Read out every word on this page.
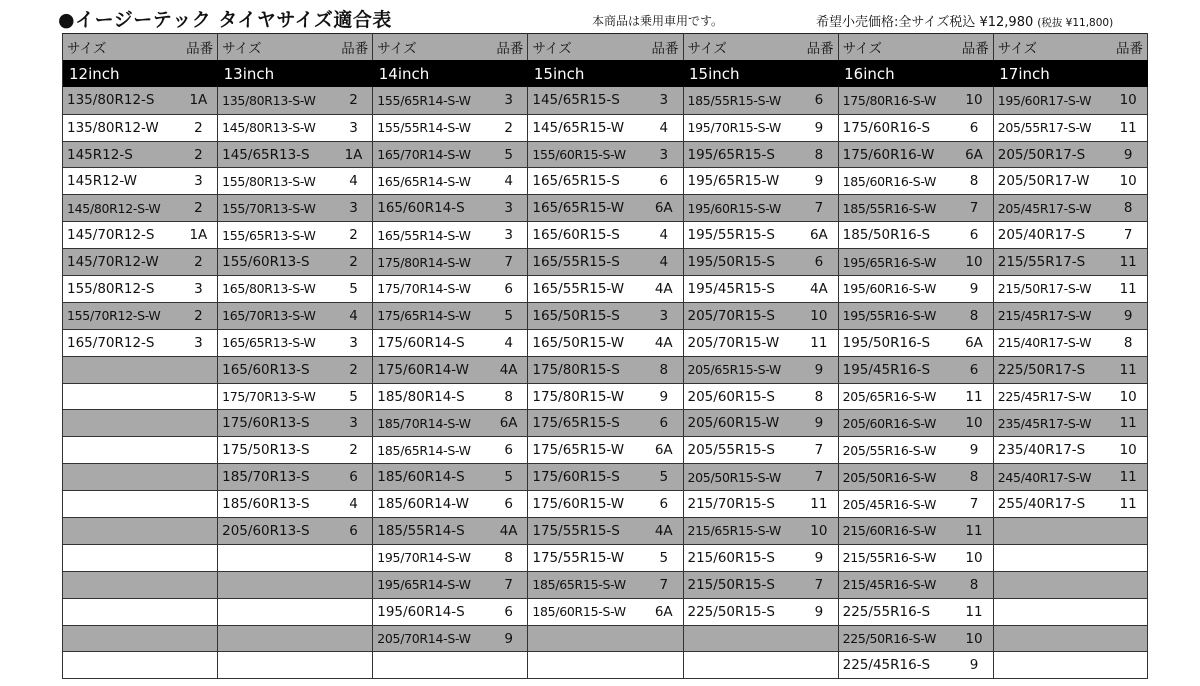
●イージーテック タイヤサイズ適合表	本商品は乗用車用です。	希望小売価格:全サイズ税込 ¥12,980 (税抜 ¥11,800)
サイズ	品番	サイズ	品番	サイズ	品番	サイズ	品番	サイズ	品番	サイズ	品番	サイズ	品番
12inch		13inch		14inch		15inch		15inch		16inch		17inch	
135/80R12-S	1A	135/80R13-S-W	2	155/65R14-S-W	3	145/65R15-S	3	185/55R15-S-W	6	175/80R16-S-W	10	195/60R17-S-W	10
135/80R12-W	2	145/80R13-S-W	3	155/55R14-S-W	2	145/65R15-W	4	195/70R15-S-W	9	175/60R16-S	6	205/55R17-S-W	11
145R12-S	2	145/65R13-S	1A	165/70R14-S-W	5	155/60R15-S-W	3	195/65R15-S	8	175/60R16-W	6A	205/50R17-S	9
145R12-W	3	155/80R13-S-W	4	165/65R14-S-W	4	165/65R15-S	6	195/65R15-W	9	185/60R16-S-W	8	205/50R17-W	10
145/80R12-S-W	2	155/70R13-S-W	3	165/60R14-S	3	165/65R15-W	6A	195/60R15-S-W	7	185/55R16-S-W	7	205/45R17-S-W	8
145/70R12-S	1A	155/65R13-S-W	2	165/55R14-S-W	3	165/60R15-S	4	195/55R15-S	6A	185/50R16-S	6	205/40R17-S	7
145/70R12-W	2	155/60R13-S	2	175/80R14-S-W	7	165/55R15-S	4	195/50R15-S	6	195/65R16-S-W	10	215/55R17-S	11
155/80R12-S	3	165/80R13-S-W	5	175/70R14-S-W	6	165/55R15-W	4A	195/45R15-S	4A	195/60R16-S-W	9	215/50R17-S-W	11
155/70R12-S-W	2	165/70R13-S-W	4	175/65R14-S-W	5	165/50R15-S	3	205/70R15-S	10	195/55R16-S-W	8	215/45R17-S-W	9
165/70R12-S	3	165/65R13-S-W	3	175/60R14-S	4	165/50R15-W	4A	205/70R15-W	11	195/50R16-S	6A	215/40R17-S-W	8
		165/60R13-S	2	175/60R14-W	4A	175/80R15-S	8	205/65R15-S-W	9	195/45R16-S	6	225/50R17-S	11
		175/70R13-S-W	5	185/80R14-S	8	175/80R15-W	9	205/60R15-S	8	205/65R16-S-W	11	225/45R17-S-W	10
		175/60R13-S	3	185/70R14-S-W	6A	175/65R15-S	6	205/60R15-W	9	205/60R16-S-W	10	235/45R17-S-W	11
		175/50R13-S	2	185/65R14-S-W	6	175/65R15-W	6A	205/55R15-S	7	205/55R16-S-W	9	235/40R17-S	10
		185/70R13-S	6	185/60R14-S	5	175/60R15-S	5	205/50R15-S-W	7	205/50R16-S-W	8	245/40R17-S-W	11
		185/60R13-S	4	185/60R14-W	6	175/60R15-W	6	215/70R15-S	11	205/45R16-S-W	7	255/40R17-S	11
		205/60R13-S	6	185/55R14-S	4A	175/55R15-S	4A	215/65R15-S-W	10	215/60R16-S-W	11		
				195/70R14-S-W	8	175/55R15-W	5	215/60R15-S	9	215/55R16-S-W	10		
				195/65R14-S-W	7	185/65R15-S-W	7	215/50R15-S	7	215/45R16-S-W	8		
				195/60R14-S	6	185/60R15-S-W	6A	225/50R15-S	9	225/55R16-S	11		
				205/70R14-S-W	9					225/50R16-S-W	10		
										225/45R16-S	9		
